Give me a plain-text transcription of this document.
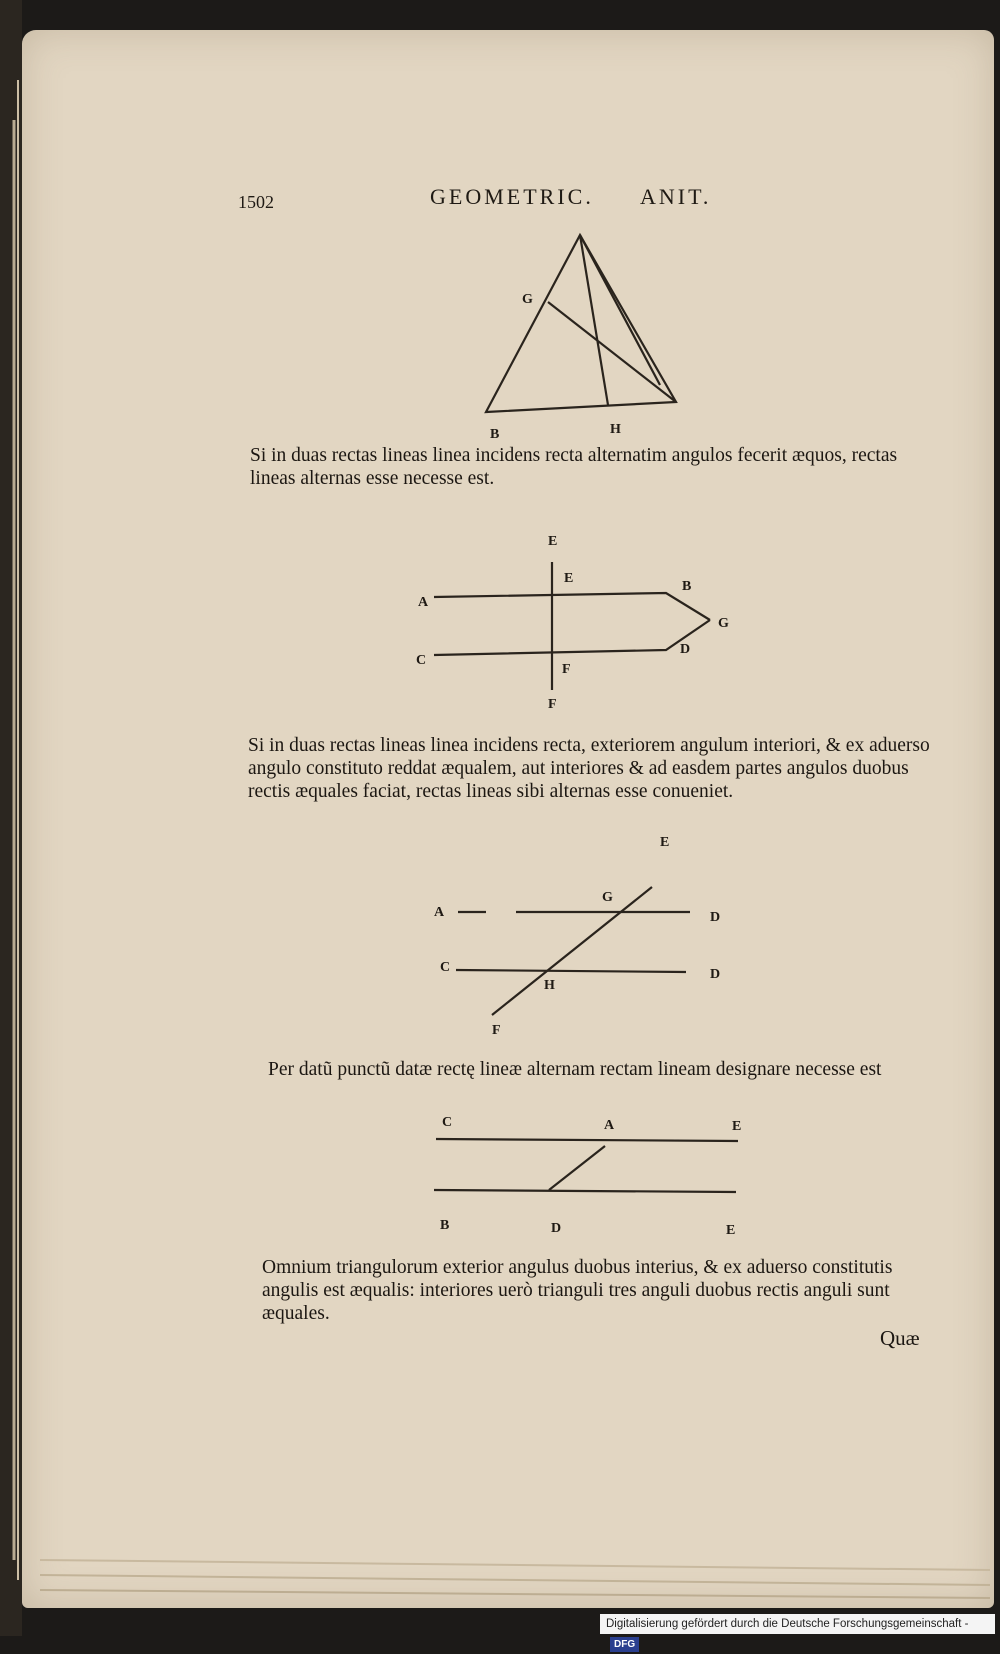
1502	GEOMETRIC. ANIT.
G
B	H

Si in duas rectas lineas linea incidens recta alternatim angulos fecerit æquos, rectas lineas alternas esse necesse est.

E
E
A
B
G
C
D
F
F

Si in duas rectas lineas linea incidens recta, exteriorem angulum interiori, & ex aduerso angulo constituto reddat æqualem, aut interiores & ad easdem partes angulos duobus rectis æquales faciat, rectas lineas sibi alternas esse conueniet.

E
A
G
D
C	D
H
F

Per datũ punctũ datæ rectę lineæ alternam rectam lineam designare necesse est

C	A	E
B	D	E

Omnium triangulorum exterior angulus duobus interius, & ex aduerso constitutis angulis est æqualis: interiores uerò trianguli tres anguli duobus rectis anguli sunt æquales.

Quæ
Digitalisierung gefördert durch die Deutsche Forschungsgemeinschaft - DFG
